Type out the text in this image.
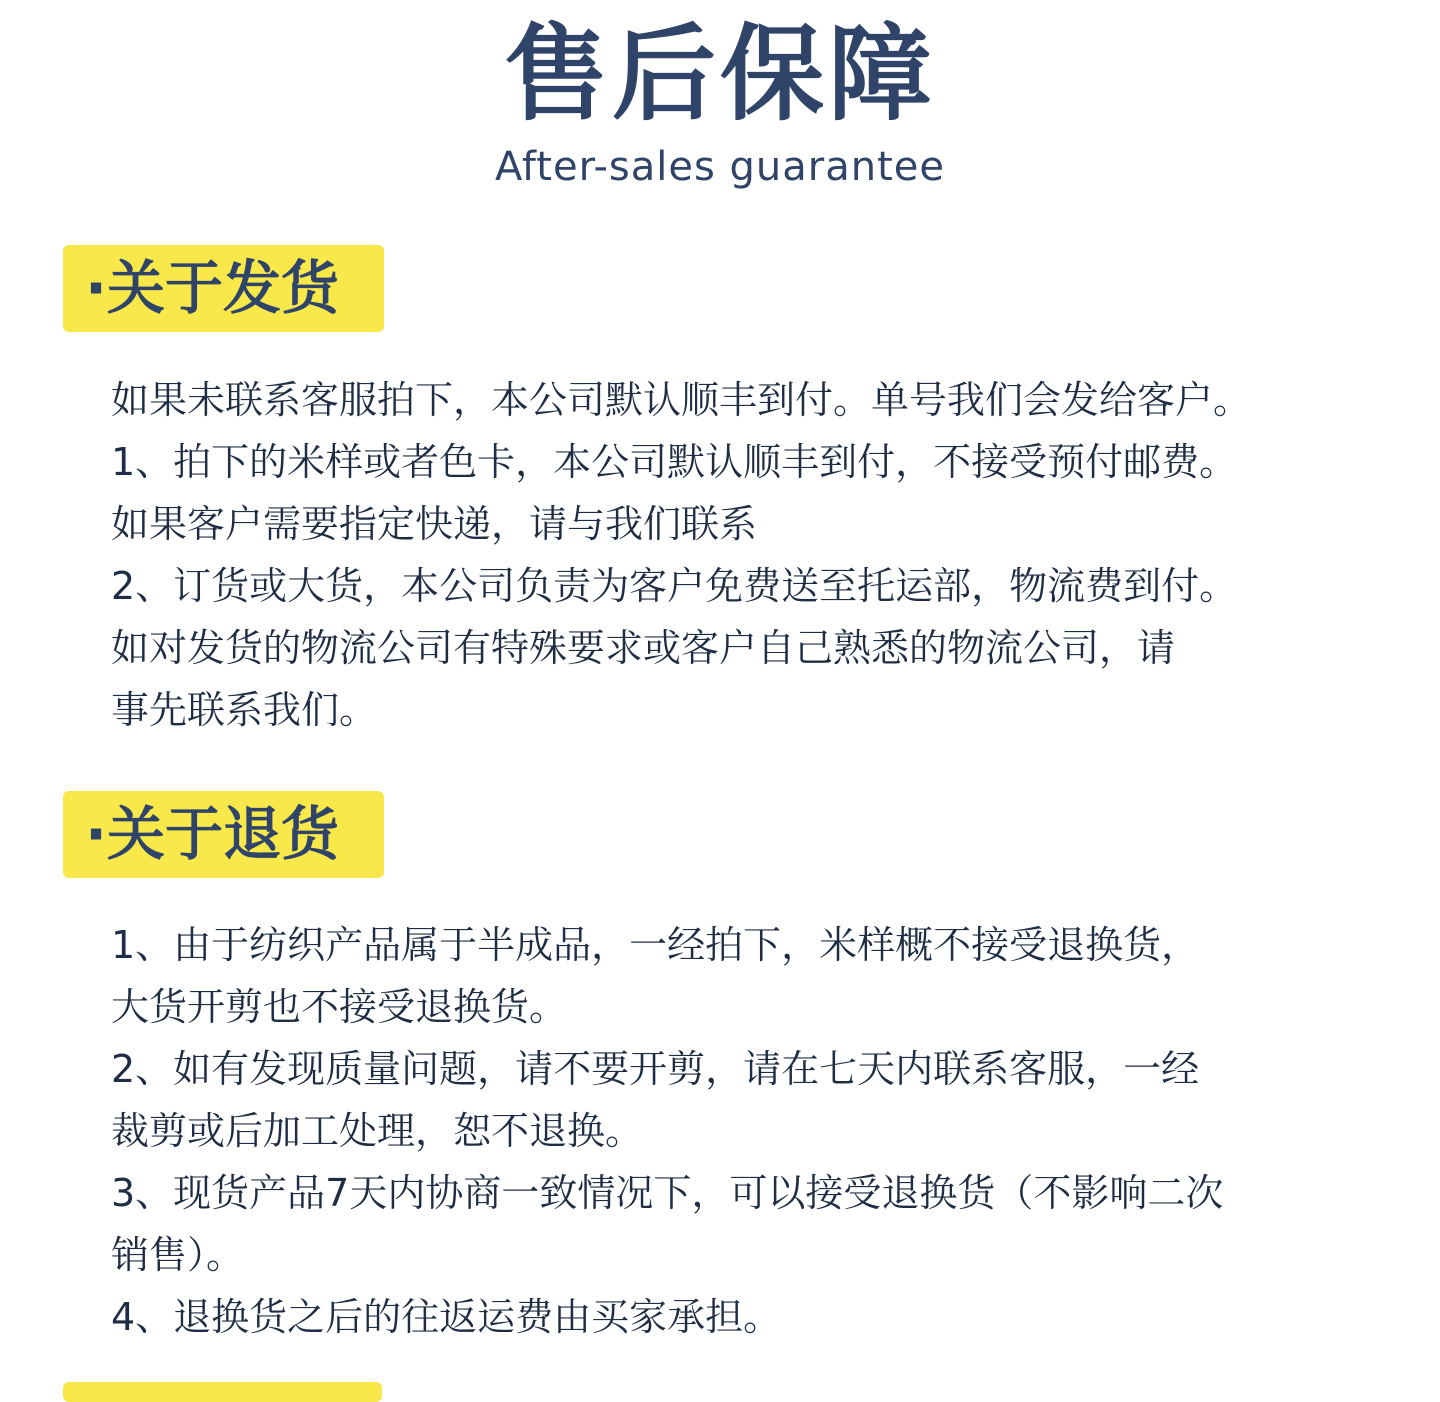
售后保障
After-sales guarantee
·关于发货
如果未联系客服拍下，本公司默认顺丰到付。单号我们会发给客户。
1、拍下的米样或者色卡，本公司默认顺丰到付，不接受预付邮费。
如果客户需要指定快递，请与我们联系
2、订货或大货，本公司负责为客户免费送至托运部，物流费到付。
如对发货的物流公司有特殊要求或客户自己熟悉的物流公司，请
事先联系我们。
·关于退货
1、由于纺织产品属于半成品，一经拍下，米样概不接受退换货，
大货开剪也不接受退换货。
2、如有发现质量问题，请不要开剪，请在七天内联系客服，一经
裁剪或后加工处理，恕不退换。
3、现货产品7天内协商一致情况下，可以接受退换货（不影响二次
销售）。
4、退换货之后的往返运费由买家承担。
